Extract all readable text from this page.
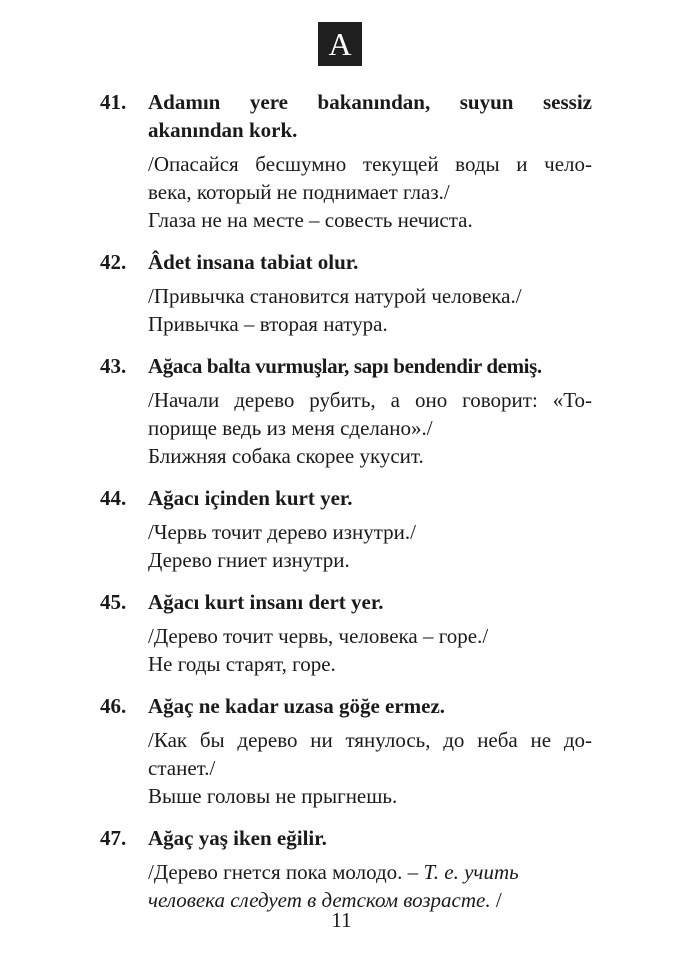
A
41.	Adamın yere bakanından, suyun sessiz akanından kork.
/Опасайся бесшумно текущей воды и чело-
века, который не поднимает глаз./
Глаза не на месте – совесть нечиста.
42.	Âdet insana tabiat olur.
/Привычка становится натурой человека./
Привычка – вторая натура.
43.	Ağaca balta vurmuşlar, sapı bendendir demiş.
/Начали дерево рубить, а оно говорит: «То-
порище ведь из меня сделано»./
Ближняя собака скорее укусит.
44.	Ağacı içinden kurt yer.
/Червь точит дерево изнутри./
Дерево гниет изнутри.
45.	Ağacı kurt insanı dert yer.
/Дерево точит червь, человека – горе./
Не годы старят, горе.
46.	Ağaç ne kadar uzasa göğe ermez.
/Как бы дерево ни тянулось, до неба не до-
станет./
Выше головы не прыгнешь.
47.	Ağaç yaş iken eğilir.
/Дерево гнется пока молодо. – Т. е. учить
человека следует в детском возрасте. /
11
